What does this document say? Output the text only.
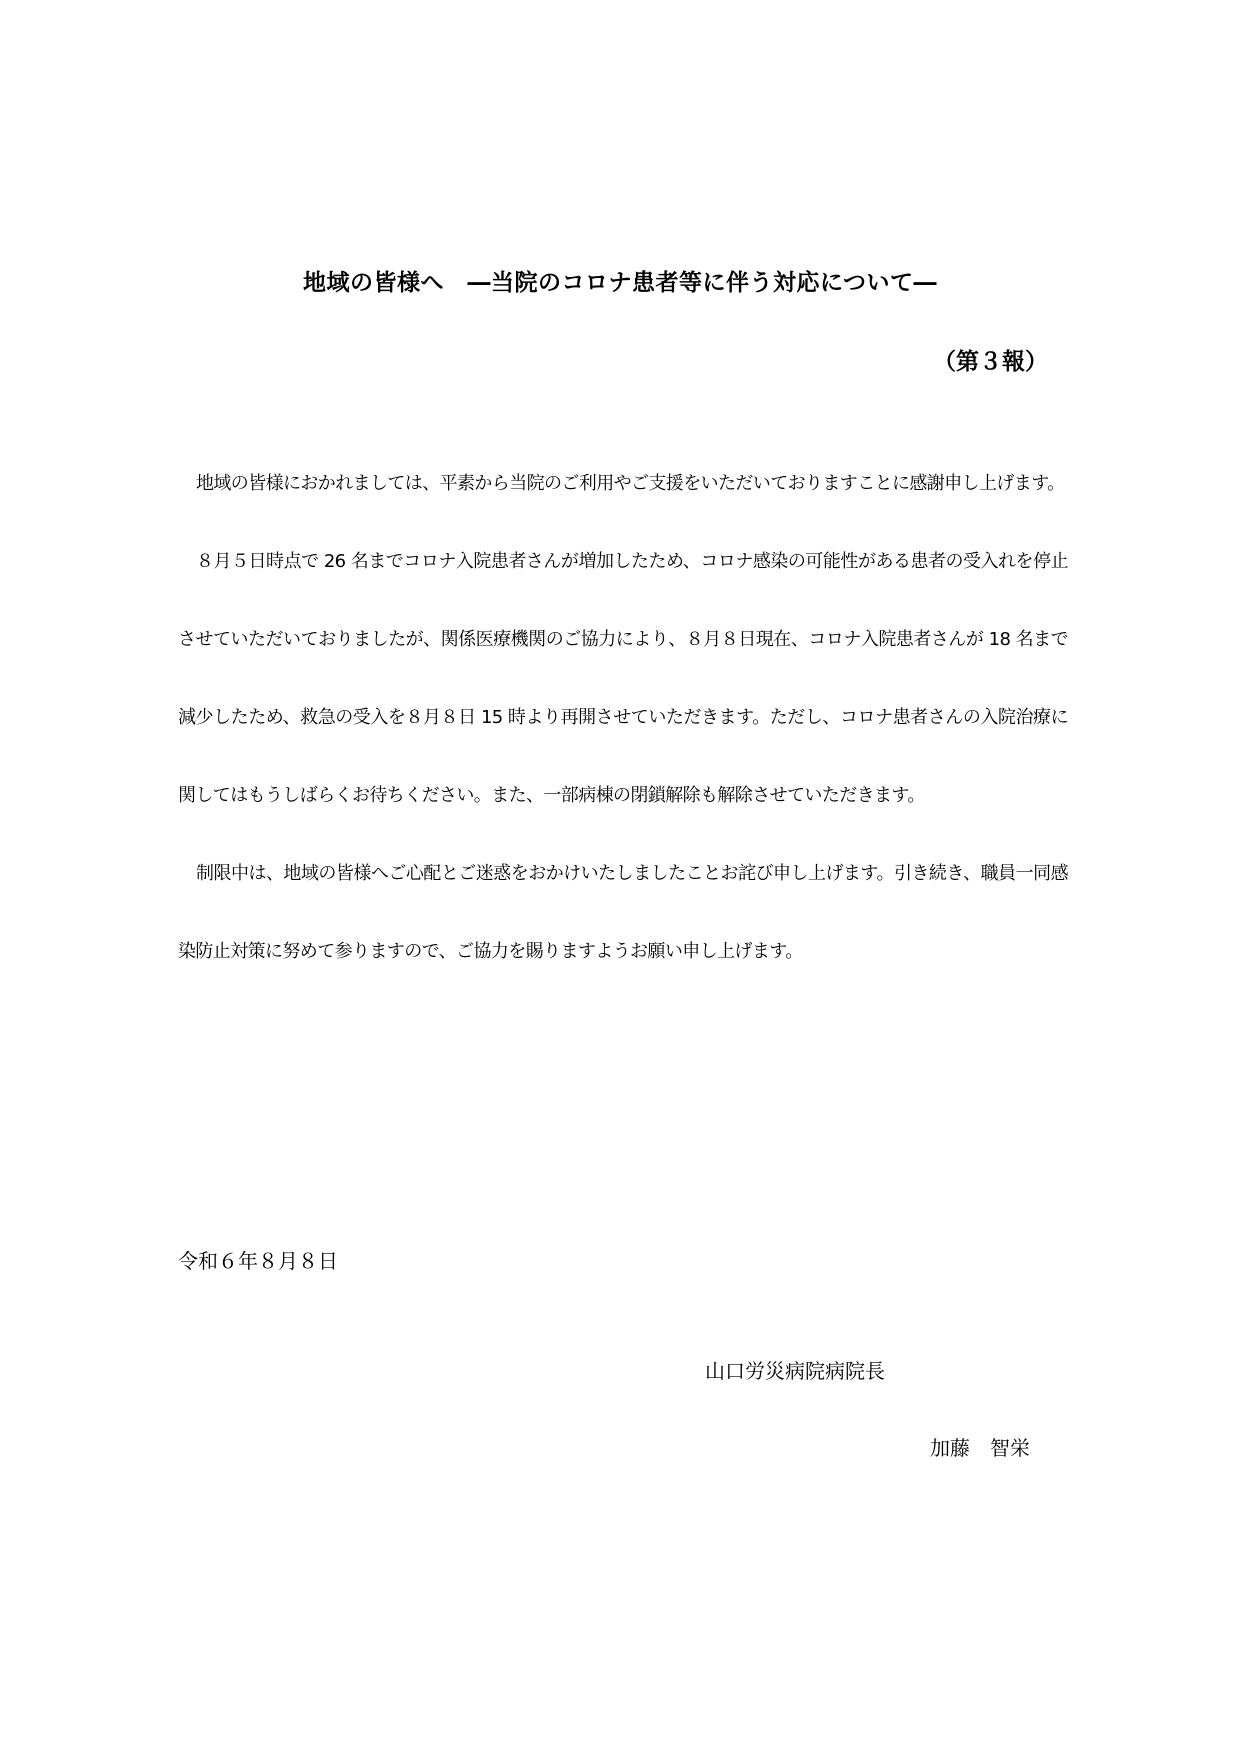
地域の皆様へ　―当院のコロナ患者等に伴う対応について―
（第３報）

地域の皆様におかれましては、平素から当院のご利用やご支援をいただいておりますことに感謝申し上げます。

８月５日時点で 26 名までコロナ入院患者さんが増加したため、コロナ感染の可能性がある患者の受入れを停止させていただいておりましたが、関係医療機関のご協力により、８月８日現在、コロナ入院患者さんが 18 名まで減少したため、救急の受入を８月８日 15 時より再開させていただきます。ただし、コロナ患者さんの入院治療に関してはもうしばらくお待ちください。また、一部病棟の閉鎖解除も解除させていただきます。

制限中は、地域の皆様へご心配とご迷惑をおかけいたしましたことお詫び申し上げます。引き続き、職員一同感染防止対策に努めて参りますので、ご協力を賜りますようお願い申し上げます。

令和６年８月８日
山口労災病院病院長
加藤　智栄
